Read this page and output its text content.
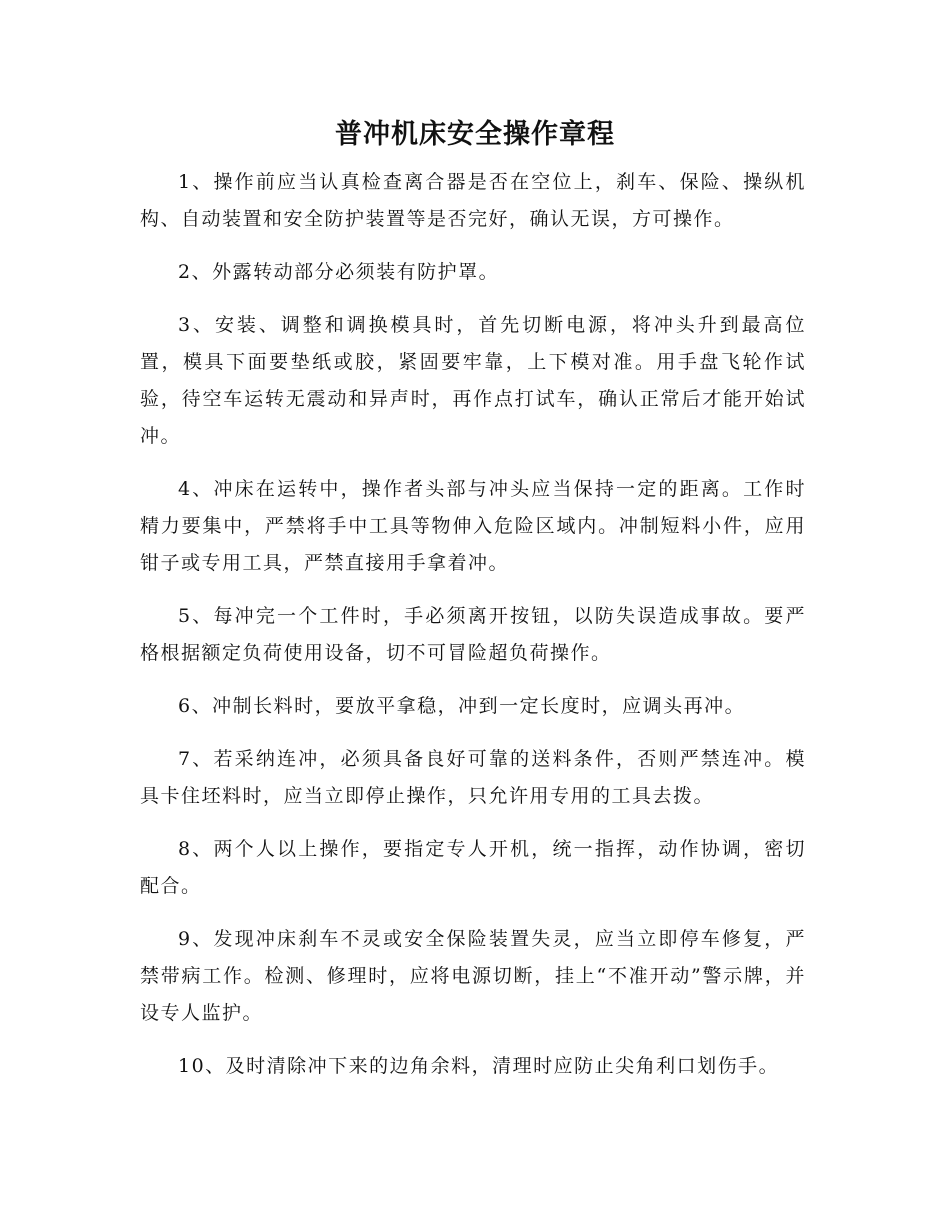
普冲机床安全操作章程

1、操作前应当认真检查离合器是否在空位上，刹车、保险、操纵机构、自动装置和安全防护装置等是否完好，确认无误，方可操作。

2、外露转动部分必须装有防护罩。

3、安装、调整和调换模具时，首先切断电源，将冲头升到最高位置，模具下面要垫纸或胶，紧固要牢靠，上下模对准。用手盘飞轮作试验，待空车运转无震动和异声时，再作点打试车，确认正常后才能开始试冲。

4、冲床在运转中，操作者头部与冲头应当保持一定的距离。工作时精力要集中，严禁将手中工具等物伸入危险区域内。冲制短料小件，应用钳子或专用工具，严禁直接用手拿着冲。

5、每冲完一个工件时，手必须离开按钮，以防失误造成事故。要严格根据额定负荷使用设备，切不可冒险超负荷操作。

6、冲制长料时，要放平拿稳，冲到一定长度时，应调头再冲。

7、若采纳连冲，必须具备良好可靠的送料条件，否则严禁连冲。模具卡住坯料时，应当立即停止操作，只允许用专用的工具去拨。

8、两个人以上操作，要指定专人开机，统一指挥，动作协调，密切配合。

9、发现冲床刹车不灵或安全保险装置失灵，应当立即停车修复，严禁带病工作。检测、修理时，应将电源切断，挂上“不准开动”警示牌，并设专人监护。

10、及时清除冲下来的边角余料，清理时应防止尖角利口划伤手。
